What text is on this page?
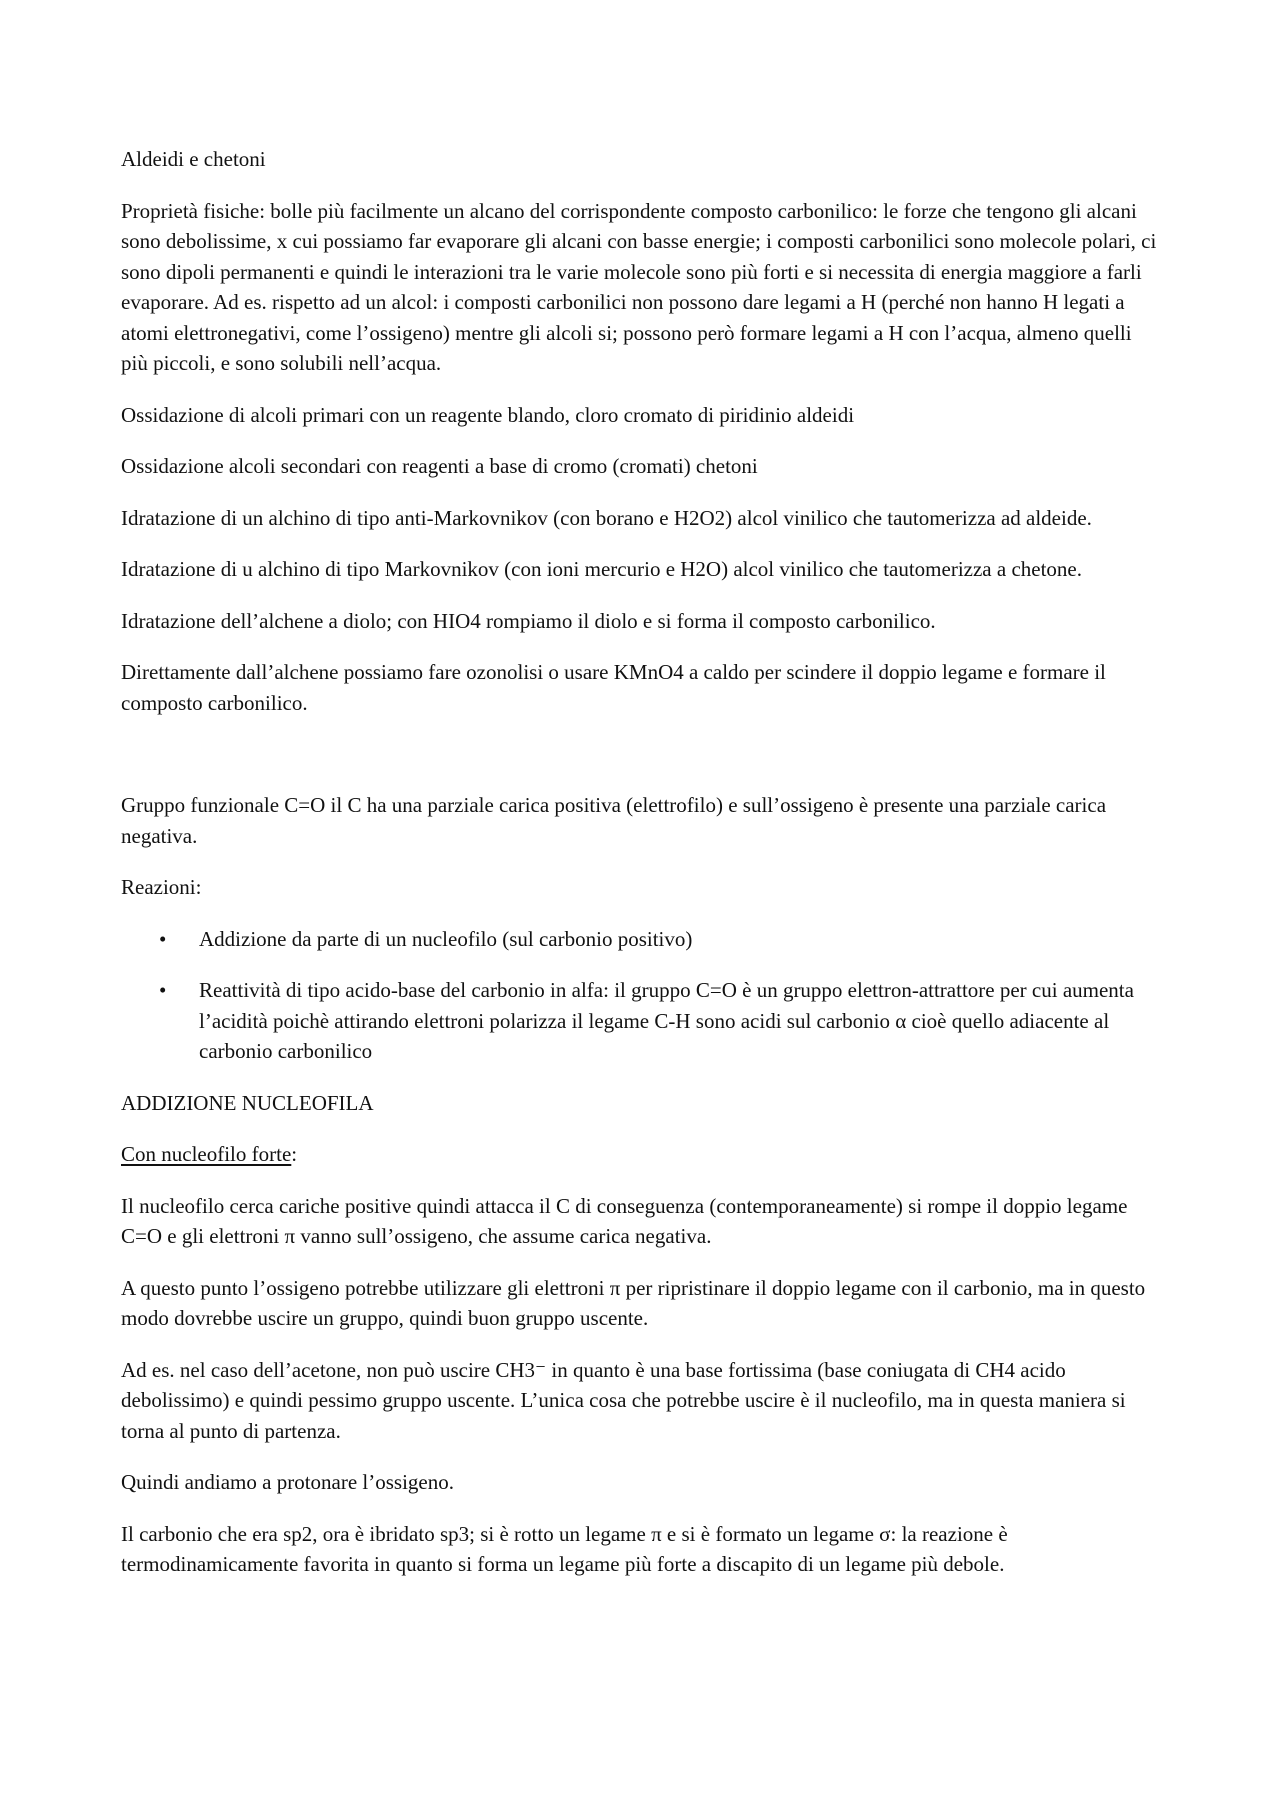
Aldeidi e chetoni

Proprietà fisiche: bolle più facilmente un alcano del corrispondente composto carbonilico: le forze che tengono gli alcani sono debolissime, x cui possiamo far evaporare gli alcani con basse energie; i composti carbonilici sono molecole polari, ci sono dipoli permanenti e quindi le interazioni tra le varie molecole sono più forti e si necessita di energia maggiore a farli evaporare. Ad es. rispetto ad un alcol: i composti carbonilici non possono dare legami a H (perché non hanno H legati a atomi elettronegativi, come l’ossigeno) mentre gli alcoli si; possono però formare legami a H con l’acqua, almeno quelli più piccoli, e sono solubili nell’acqua.

Ossidazione di alcoli primari con un reagente blando, cloro cromato di piridinio aldeidi

Ossidazione alcoli secondari con reagenti a base di cromo (cromati) chetoni

Idratazione di un alchino di tipo anti-Markovnikov (con borano e H2O2) alcol vinilico che tautomerizza ad aldeide.

Idratazione di u alchino di tipo Markovnikov (con ioni mercurio e H2O) alcol vinilico che tautomerizza a chetone.

Idratazione dell’alchene a diolo; con HIO4 rompiamo il diolo e si forma il composto carbonilico.

Direttamente dall’alchene possiamo fare ozonolisi o usare KMnO4 a caldo per scindere il doppio legame e formare il composto carbonilico.

Gruppo funzionale C=O il C ha una parziale carica positiva (elettrofilo) e sull’ossigeno è presente una parziale carica negativa.

Reazioni:

• Addizione da parte di un nucleofilo (sul carbonio positivo)
• Reattività di tipo acido-base del carbonio in alfa: il gruppo C=O è un gruppo elettron-attrattore per cui aumenta l’acidità poichè attirando elettroni polarizza il legame C-H sono acidi sul carbonio α cioè quello adiacente al carbonio carbonilico

ADDIZIONE NUCLEOFILA

Con nucleofilo forte:

Il nucleofilo cerca cariche positive quindi attacca il C di conseguenza (contemporaneamente) si rompe il doppio legame C=O e gli elettroni π vanno sull’ossigeno, che assume carica negativa.

A questo punto l’ossigeno potrebbe utilizzare gli elettroni π per ripristinare il doppio legame con il carbonio, ma in questo modo dovrebbe uscire un gruppo, quindi buon gruppo uscente.

Ad es. nel caso dell’acetone, non può uscire CH3⁻ in quanto è una base fortissima (base coniugata di CH4 acido debolissimo) e quindi pessimo gruppo uscente. L’unica cosa che potrebbe uscire è il nucleofilo, ma in questa maniera si torna al punto di partenza.

Quindi andiamo a protonare l’ossigeno.

Il carbonio che era sp2, ora è ibridato sp3; si è rotto un legame π e si è formato un legame σ: la reazione è termodinamicamente favorita in quanto si forma un legame più forte a discapito di un legame più debole.
